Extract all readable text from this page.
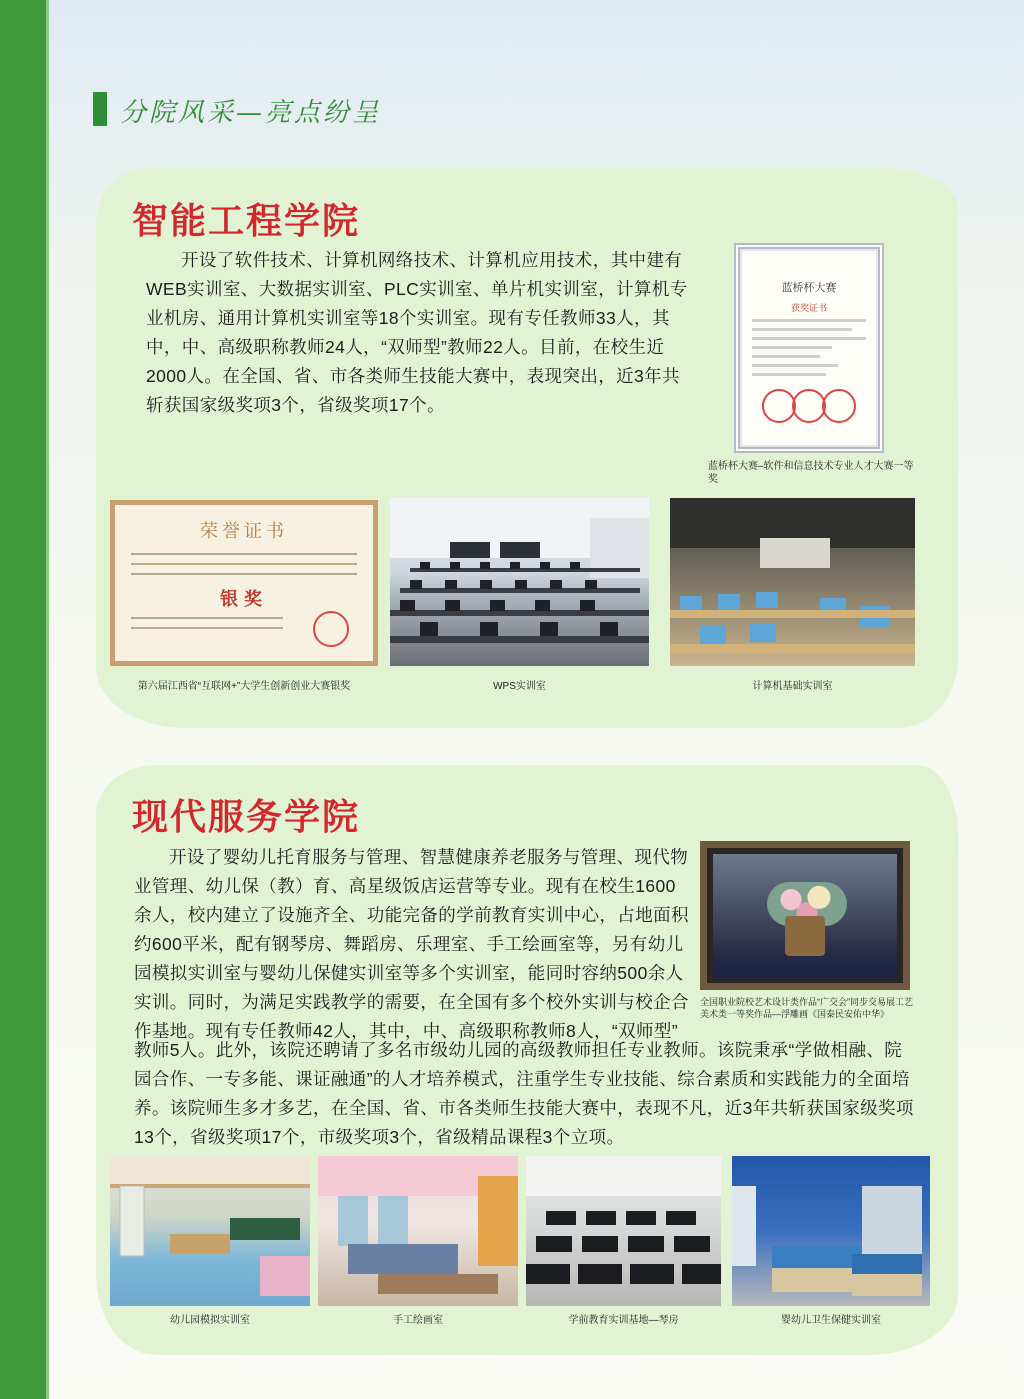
分院风采—亮点纷呈
智能工程学院

开设了软件技术、计算机网络技术、计算机应用技术，其中建有WEB实训室、大数据实训室、PLC实训室、单片机实训室，计算机专业机房、通用计算机实训室等18个实训室。现有专任教师33人，其中，中、高级职称教师24人，“双师型”教师22人。目前，在校生近2000人。在全国、省、市各类师生技能大赛中，表现突出，近3年共斩获国家级奖项3个，省级奖项17个。

蓝桥杯大赛
获奖证书
蓝桥杯大赛–软件和信息技术专业人才大赛一等奖
荣誉证书
银奖
第六届江西省“互联网+”大学生创新创业大赛银奖	WPS实训室	计算机基础实训室
现代服务学院

开设了婴幼儿托育服务与管理、智慧健康养老服务与管理、现代物业管理、幼儿保（教）育、高星级饭店运营等专业。现有在校生1600余人，校内建立了设施齐全、功能完备的学前教育实训中心，占地面积约600平米，配有钢琴房、舞蹈房、乐理室、手工绘画室等，另有幼儿园模拟实训室与婴幼儿保健实训室等多个实训室，能同时容纳500余人实训。同时，为满足实践教学的需要，在全国有多个校外实训与校企合作基地。现有专任教师42人，其中，中、高级职称教师8人，“双师型”

教师5人。此外，该院还聘请了多名市级幼儿园的高级教师担任专业教师。该院秉承“学做相融、院园合作、一专多能、课证融通”的人才培养模式，注重学生专业技能、综合素质和实践能力的全面培养。该院师生多才多艺，在全国、省、市各类师生技能大赛中，表现不凡，近3年共斩获国家级奖项13个，省级奖项17个，市级奖项3个，省级精品课程3个立项。

全国职业院校艺术设计类作品“广交会”同步交易展工艺美术类一等奖作品—浮雕画《国泰民安佑中华》
幼儿园模拟实训室	手工绘画室	学前教育实训基地—琴房	婴幼儿卫生保健实训室
